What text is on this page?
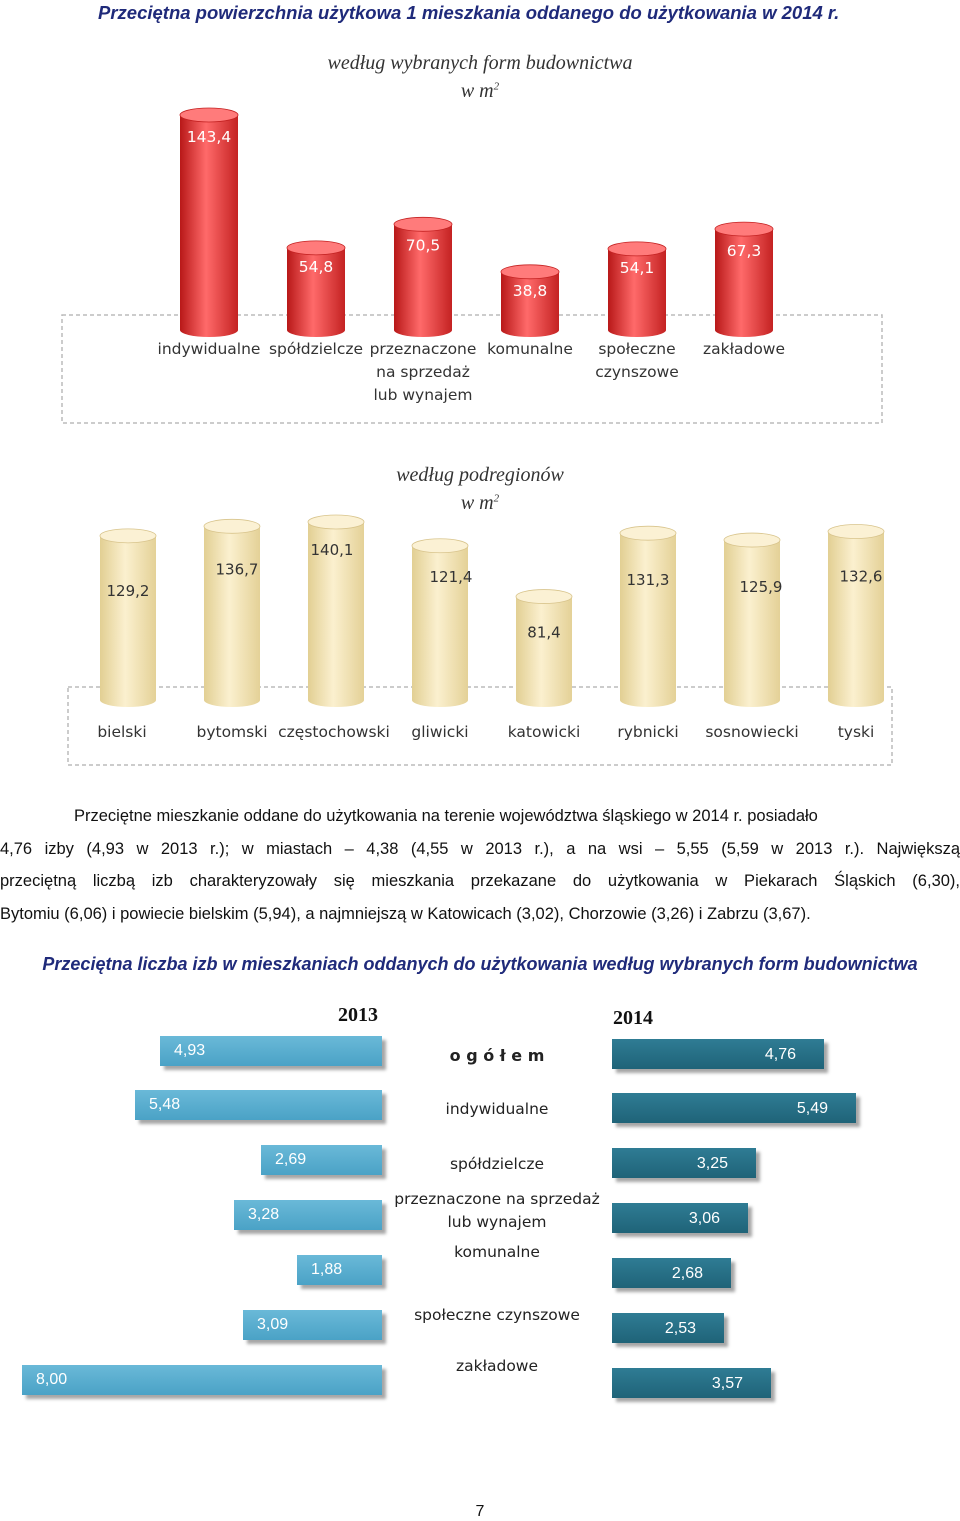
Przeciętna powierzchnia użytkowa 1 mieszkania oddanego do użytkowania w 2014 r.
według wybranych form budownictwa
w $m^2$
143,4
indywidualne
54,8
spółdzielcze
70,5
przeznaczone
na sprzedaż
lub wynajem
38,8
komunalne
54,1
społeczne
czynszowe
67,3
zakładowe
według podregionów
w $m^2$
129,2
bielski
136,7
bytomski
140,1
częstochowski
121,4
gliwicki
81,4
katowicki
131,3
rybnicki
125,9
sosnowiecki
132,6
tyski
Przeciętne mieszkanie oddane do użytkowania na terenie województwa śląskiego w 2014 r. posiadało
4,76 izby (4,93 w 2013 r.); w miastach – 4,38 (4,55 w 2013 r.), a na wsi – 5,55 (5,59 w 2013 r.). Największą
przeciętną liczbą izb charakteryzowały się mieszkania przekazane do użytkowania w Piekarach Śląskich (6,30),
Bytomiu (6,06) i powiecie bielskim (5,94), a najmniejszą w Katowicach (3,02), Chorzowie (3,26) i Zabrzu (3,67).
Przeciętna liczba izb w mieszkaniach oddanych do użytkowania według wybranych form budownictwa
2013	2014
4,93	4,76
o g ó ł e m
5,48	5,49
indywidualne
2,69	3,25
spółdzielcze
3,28	3,06
przeznaczone na sprzedaż
lub wynajem
1,88	2,68
komunalne
3,09	2,53
społeczne czynszowe
8,00	3,57
zakładowe
7
